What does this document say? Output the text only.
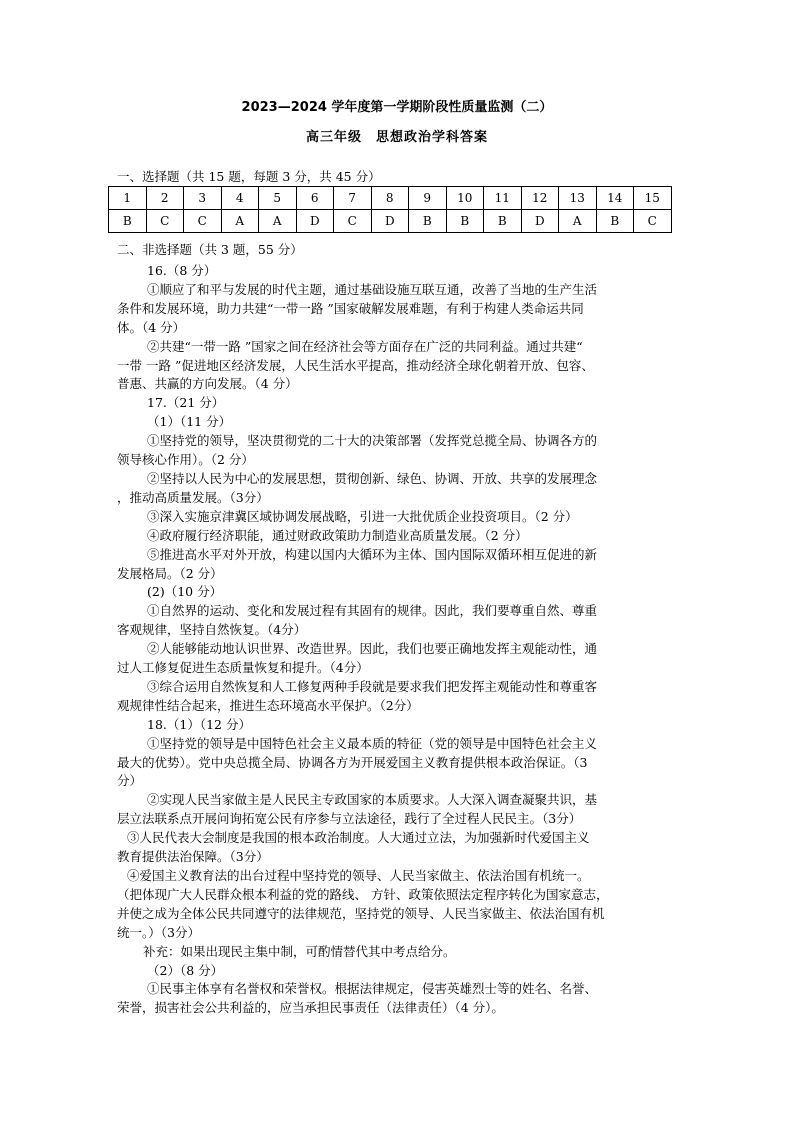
2023—2024 学年度第一学期阶段性质量监测（二）
高三年级　思想政治学科答案
一、选择题（共 15 题，每题 3 分，共 45 分）
1	2	3	4	5	6	7	8	9	10	11	12	13	14	15
B	C	C	A	A	D	C	D	B	B	B	D	A	B	C
二、非选择题（共 3 题，55 分）

16.（8 分）

①顺应了和平与发展的时代主题，通过基础设施互联互通，改善了当地的生产生活

条件和发展环境，助力共建“一带一路 ”国家破解发展难题，有利于构建人类命运共同

体。（4 分）

②共建“一带一路 ”国家之间在经济社会等方面存在广泛的共同利益。通过共建“

一带 一路 ”促进地区经济发展，人民生活水平提高，推动经济全球化朝着开放、包容、

普惠、共赢的方向发展。（4 分）

17.（21 分）

（1）（11 分）

①坚持党的领导，坚决贯彻党的二十大的决策部署（发挥党总揽全局、协调各方的

领导核心作用）。（2 分）

②坚持以人民为中心的发展思想，贯彻创新、绿色、协调、开放、共享的发展理念

，推动高质量发展。（3分）

③深入实施京津冀区域协调发展战略，引进一大批优质企业投资项目。（2 分）

④政府履行经济职能，通过财政政策助力制造业高质量发展。（2 分）

⑤推进高水平对外开放，构建以国内大循环为主体、国内国际双循环相互促进的新

发展格局。（2 分）

(2)（10 分）

①自然界的运动、变化和发展过程有其固有的规律。因此，我们要尊重自然、尊重

客观规律，坚持自然恢复。（4分）

②人能够能动地认识世界、改造世界。因此，我们也要正确地发挥主观能动性，通

过人工修复促进生态质量恢复和提升。（4分）

③综合运用自然恢复和人工修复两种手段就是要求我们把发挥主观能动性和尊重客

观规律性结合起来，推进生态环境高水平保护。（2分）

18.（1）（12 分）

①坚持党的领导是中国特色社会主义最本质的特征（党的领导是中国特色社会主义

最大的优势）。党中央总揽全局、协调各方为开展爱国主义教育提供根本政治保证。（3

分）

②实现人民当家做主是人民民主专政国家的本质要求。人大深入调查凝聚共识，基

层立法联系点开展问询拓宽公民有序参与立法途径，践行了全过程人民民主。（3分）

③人民代表大会制度是我国的根本政治制度。人大通过立法，为加强新时代爱国主义

教育提供法治保障。（3分）

④爱国主义教育法的出台过程中坚持党的领导、人民当家做主、依法治国有机统一。

（把体现广大人民群众根本利益的党的路线、 方针、政策依照法定程序转化为国家意志，

并使之成为全体公民共同遵守的法律规范，坚持党的领导、人民当家做主、依法治国有机

统一。）（3分）

补充：如果出现民主集中制，可酌情替代其中考点给分。

（2）（8 分）

①民事主体享有名誉权和荣誉权。根据法律规定，侵害英雄烈士等的姓名、名誉、

荣誉，损害社会公共利益的，应当承担民事责任（法律责任）（4 分）。
